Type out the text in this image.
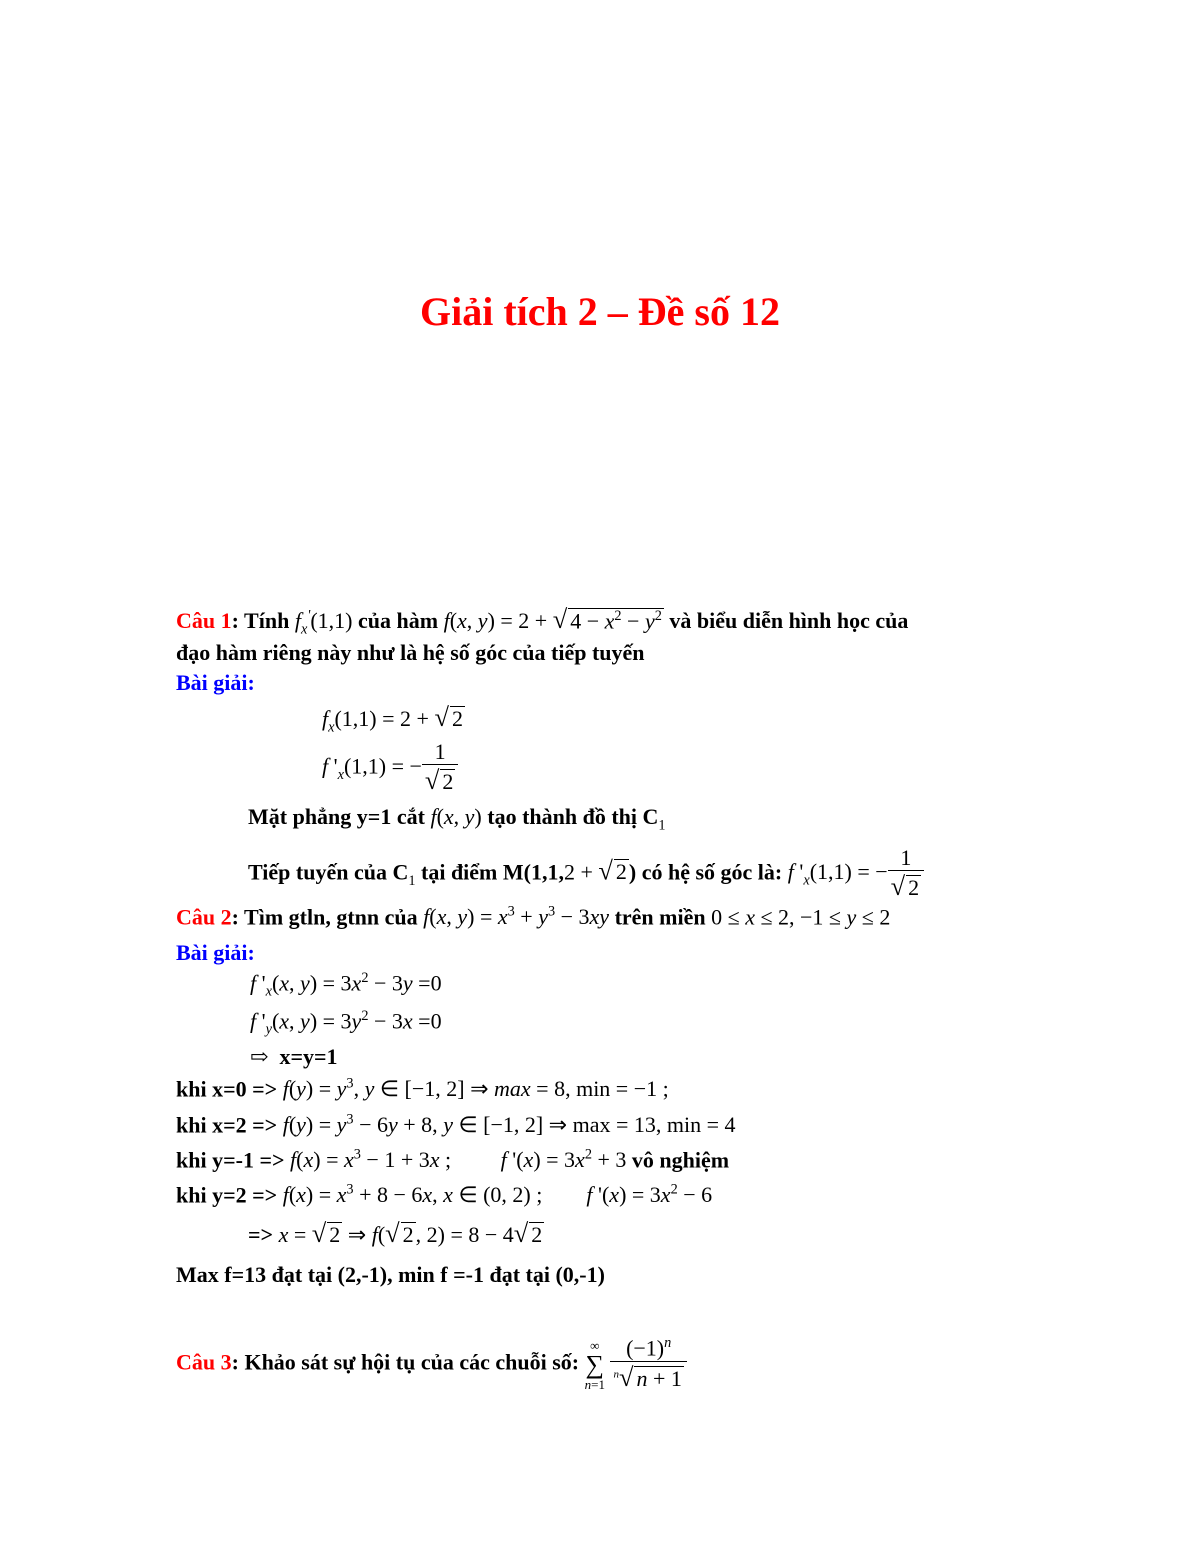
Giải tích 2 – Đề số 12
Câu 1: Tính $f_x'(1,1)$ của hàm f(x, y) = 2 + √ $4 - x^2 - y^2$ và biểu diễn hình học của
đạo hàm riêng này như là hệ số góc của tiếp tuyến
Bài giải:
$f_x(1,1) = 2$ + √ 2
f '$_x(1,1)$ = − $\frac{1}{√ 2}$
Mặt phẳng y=1 cắt f(x, y) tạo thành đồ thị $C_1$
Tiếp tuyến của $C_1$ tại điểm M(1,1,2 + √ 2) có hệ số góc là: f '$_x(1,1)$ = − $\frac{1}{√ 2}$
Câu 2: Tìm gtln, gtnn của f(x, $y) = x^3 + y^3 - 3xy$ trên miền 0 ≤ x ≤ 2, −1 ≤ y ≤ 2
Bài giải:
f '$_x(x$, $y) = 3x^2 - 3y =0$
f '$_y(x$, $y) = 3y^2 - 3x =0$
⇨ x=y=1
khi $x=0 => f(y) = y^3$, y ∈ [−1, 2] ⇒ max = 8, min = −1 ;
khi $x=2 => f(y) = y^3 - 6y + 8$, y ∈ [−1, 2] ⇒ max = 13, min = 4
khi $y=-1 => f(x) = x^3 - 1 + 3x$ ;         f '$(x) = 3x^2 + 3$ vô nghiệm
khi $y=2 => f(x) = x^3 + 8 - 6x$, x ∈ (0, 2) ;        f '$(x) = 3x^2 - 6$
=> x = √ 2 ⇒ f(√ 2, 2) = 8 − 4√ 2
Max f=13 đạt tại (2,-1), min f =-1 đạt tại (0,-1)
Câu 3: Khảo sát sự hội tụ của các chuỗi số:
∞
∑
n=1
$\frac{(-1)^n}{^n√ n + 1}$
